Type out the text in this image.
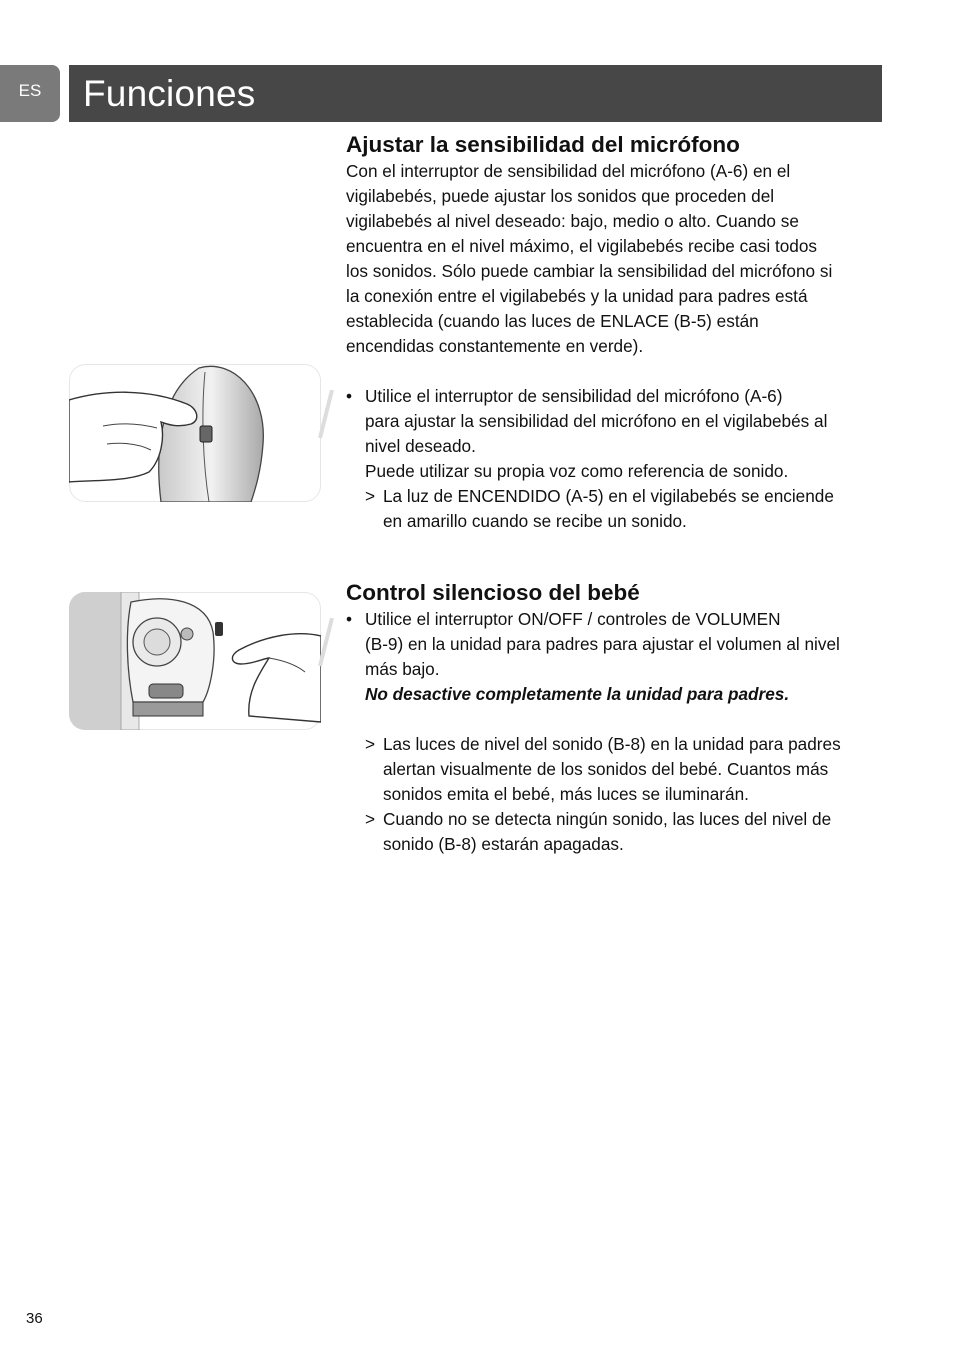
ES Funciones
Ajustar la sensibilidad del micrófono

Con el interruptor de sensibilidad del micrófono (A-6) en el
vigilabebés, puede ajustar los sonidos que proceden del
vigilabebés al nivel deseado: bajo, medio o alto. Cuando se
encuentra en el nivel máximo, el vigilabebés recibe casi todos
los sonidos. Sólo puede cambiar la sensibilidad del micrófono si
la conexión entre el vigilabebés y la unidad para padres está
establecida (cuando las luces de ENLACE (B-5) están
encendidas constantemente en verde).

• Utilice el interruptor de sensibilidad del micrófono (A-6)
para ajustar la sensibilidad del micrófono en el vigilabebés al
nivel deseado.
Puede utilizar su propia voz como referencia de sonido.
> La luz de ENCENDIDO (A-5) en el vigilabebés se enciende
en amarillo cuando se recibe un sonido.
Control silencioso del bebé
• Utilice el interruptor ON/OFF / controles de VOLUMEN
(B-9) en la unidad para padres para ajustar el volumen al nivel
más bajo.
No desactive completamente la unidad para padres.
> Las luces de nivel del sonido (B-8) en la unidad para padres
alertan visualmente de los sonidos del bebé. Cuantos más
sonidos emita el bebé, más luces se iluminarán.
> Cuando no se detecta ningún sonido, las luces del nivel de
sonido (B-8) estarán apagadas.
36
